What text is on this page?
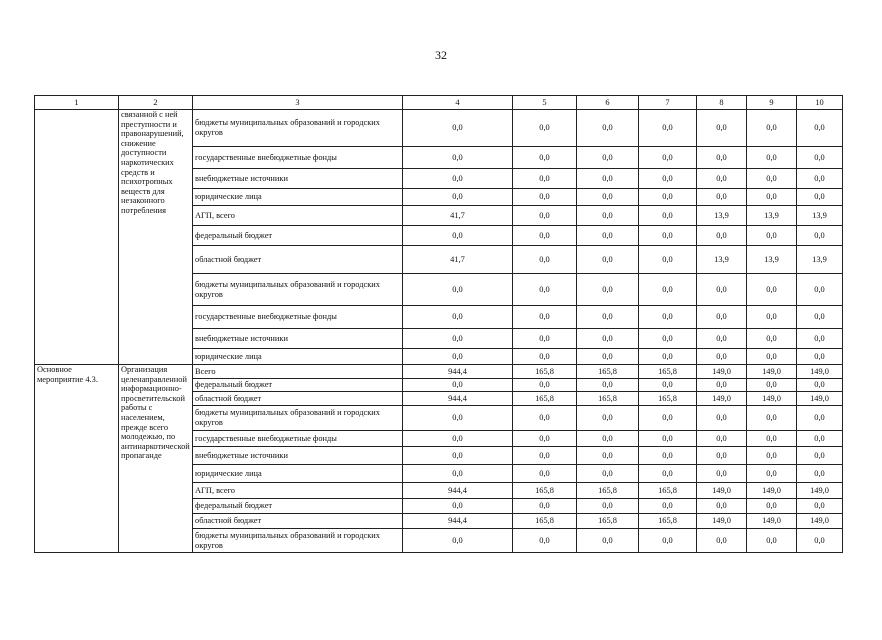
32
1	2	3	4	5	6	7	8	9	10
	связанной с ней преступности и правонарушений, снижение доступности наркотических средств и психотропных веществ для незаконного потребления	бюджеты муниципальных образований и городских округов	0,0	0,0	0,0	0,0	0,0	0,0	0,0
		государственные внебюджетные фонды	0,0	0,0	0,0	0,0	0,0	0,0	0,0
		внебюджетные источники	0,0	0,0	0,0	0,0	0,0	0,0	0,0
		юридические лица	0,0	0,0	0,0	0,0	0,0	0,0	0,0
		АГП, всего	41,7	0,0	0,0	0,0	13,9	13,9	13,9
		федеральный бюджет	0,0	0,0	0,0	0,0	0,0	0,0	0,0
		областной бюджет	41,7	0,0	0,0	0,0	13,9	13,9	13,9
		бюджеты муниципальных образований и городских округов	0,0	0,0	0,0	0,0	0,0	0,0	0,0
		государственные внебюджетные фонды	0,0	0,0	0,0	0,0	0,0	0,0	0,0
		внебюджетные источники	0,0	0,0	0,0	0,0	0,0	0,0	0,0
		юридические лица	0,0	0,0	0,0	0,0	0,0	0,0	0,0
Основное мероприятие 4.3.	Организация целенаправленной информационно-просветительской работы с населением, прежде всего молодежью, по антинаркотической пропаганде	Всего	944,4	165,8	165,8	165,8	149,0	149,0	149,0
		федеральный бюджет	0,0	0,0	0,0	0,0	0,0	0,0	0,0
		областной бюджет	944,4	165,8	165,8	165,8	149,0	149,0	149,0
		бюджеты муниципальных образований и городских округов	0,0	0,0	0,0	0,0	0,0	0,0	0,0
		государственные внебюджетные фонды	0,0	0,0	0,0	0,0	0,0	0,0	0,0
		внебюджетные источники	0,0	0,0	0,0	0,0	0,0	0,0	0,0
		юридические лица	0,0	0,0	0,0	0,0	0,0	0,0	0,0
		АГП, всего	944,4	165,8	165,8	165,8	149,0	149,0	149,0
		федеральный бюджет	0,0	0,0	0,0	0,0	0,0	0,0	0,0
		областной бюджет	944,4	165,8	165,8	165,8	149,0	149,0	149,0
		бюджеты муниципальных образований и городских округов	0,0	0,0	0,0	0,0	0,0	0,0	0,0
